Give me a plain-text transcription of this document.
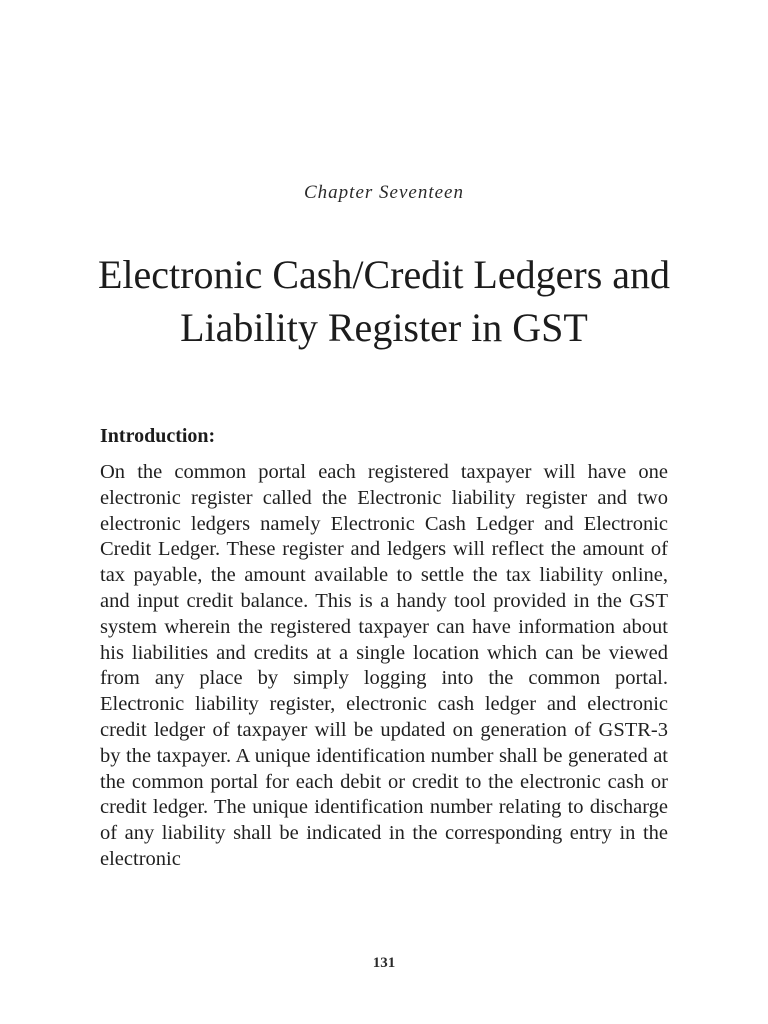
Chapter Seventeen
Electronic Cash/Credit Ledgers and Liability Register in GST
Introduction:

On the common portal each registered taxpayer will have one electronic register called the Electronic liability register and two electronic ledgers namely Electronic Cash Ledger and Electronic Credit Ledger. These register and ledgers will reflect the amount of tax payable, the amount available to settle the tax liability online, and input credit balance. This is a handy tool provided in the GST system wherein the registered taxpayer can have information about his liabilities and credits at a single location which can be viewed from any place by simply logging into the common portal. Electronic liability register, electronic cash ledger and electronic credit ledger of taxpayer will be updated on generation of GSTR-3 by the taxpayer. A unique identification number shall be generated at the common portal for each debit or credit to the electronic cash or credit ledger. The unique identification number relating to discharge of any liability shall be indicated in the corresponding entry in the electronic

131
